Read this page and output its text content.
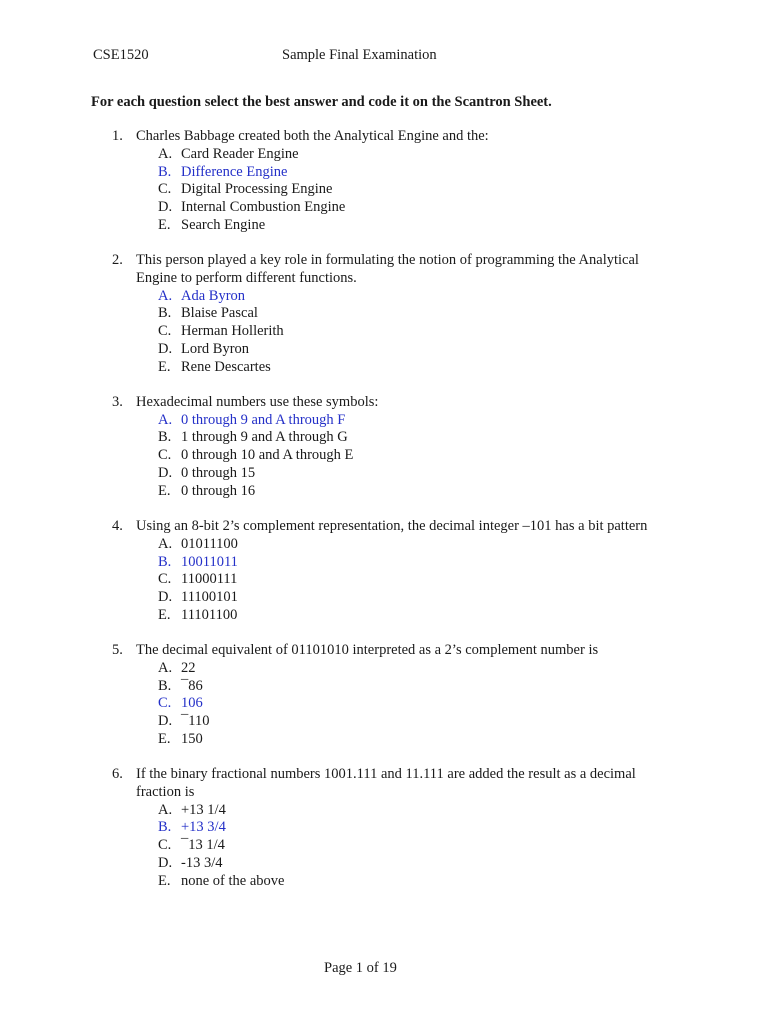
CSE1520	Sample Final Examination
For each question select the best answer and code it on the Scantron Sheet.
1. Charles Babbage created both the Analytical Engine and the:
A. Card Reader Engine
B. Difference Engine
C. Digital Processing Engine
D. Internal Combustion Engine
E. Search Engine
2. This person played a key role in formulating the notion of programming the Analytical Engine to perform different functions.
A. Ada Byron
B. Blaise Pascal
C. Herman Hollerith
D. Lord Byron
E. Rene Descartes
3. Hexadecimal numbers use these symbols:
A. 0 through 9 and A through F
B. 1 through 9 and A through G
C. 0 through 10 and A through E
D. 0 through 15
E. 0 through 16
4. Using an 8-bit 2’s complement representation, the decimal integer –101 has a bit pattern
A. 01011100
B. 10011011
C. 11000111
D. 11100101
E. 11101100
5. The decimal equivalent of 01101010 interpreted as a 2’s complement number is
A. 22
B. ¯86
C. 106
D. ¯110
E. 150
6. If the binary fractional numbers 1001.111 and 11.111 are added the result as a decimal fraction is
A. +13 1/4
B. +13 3/4
C. ¯13 1/4
D. -13 3/4
E. none of the above
Page 1 of 19
